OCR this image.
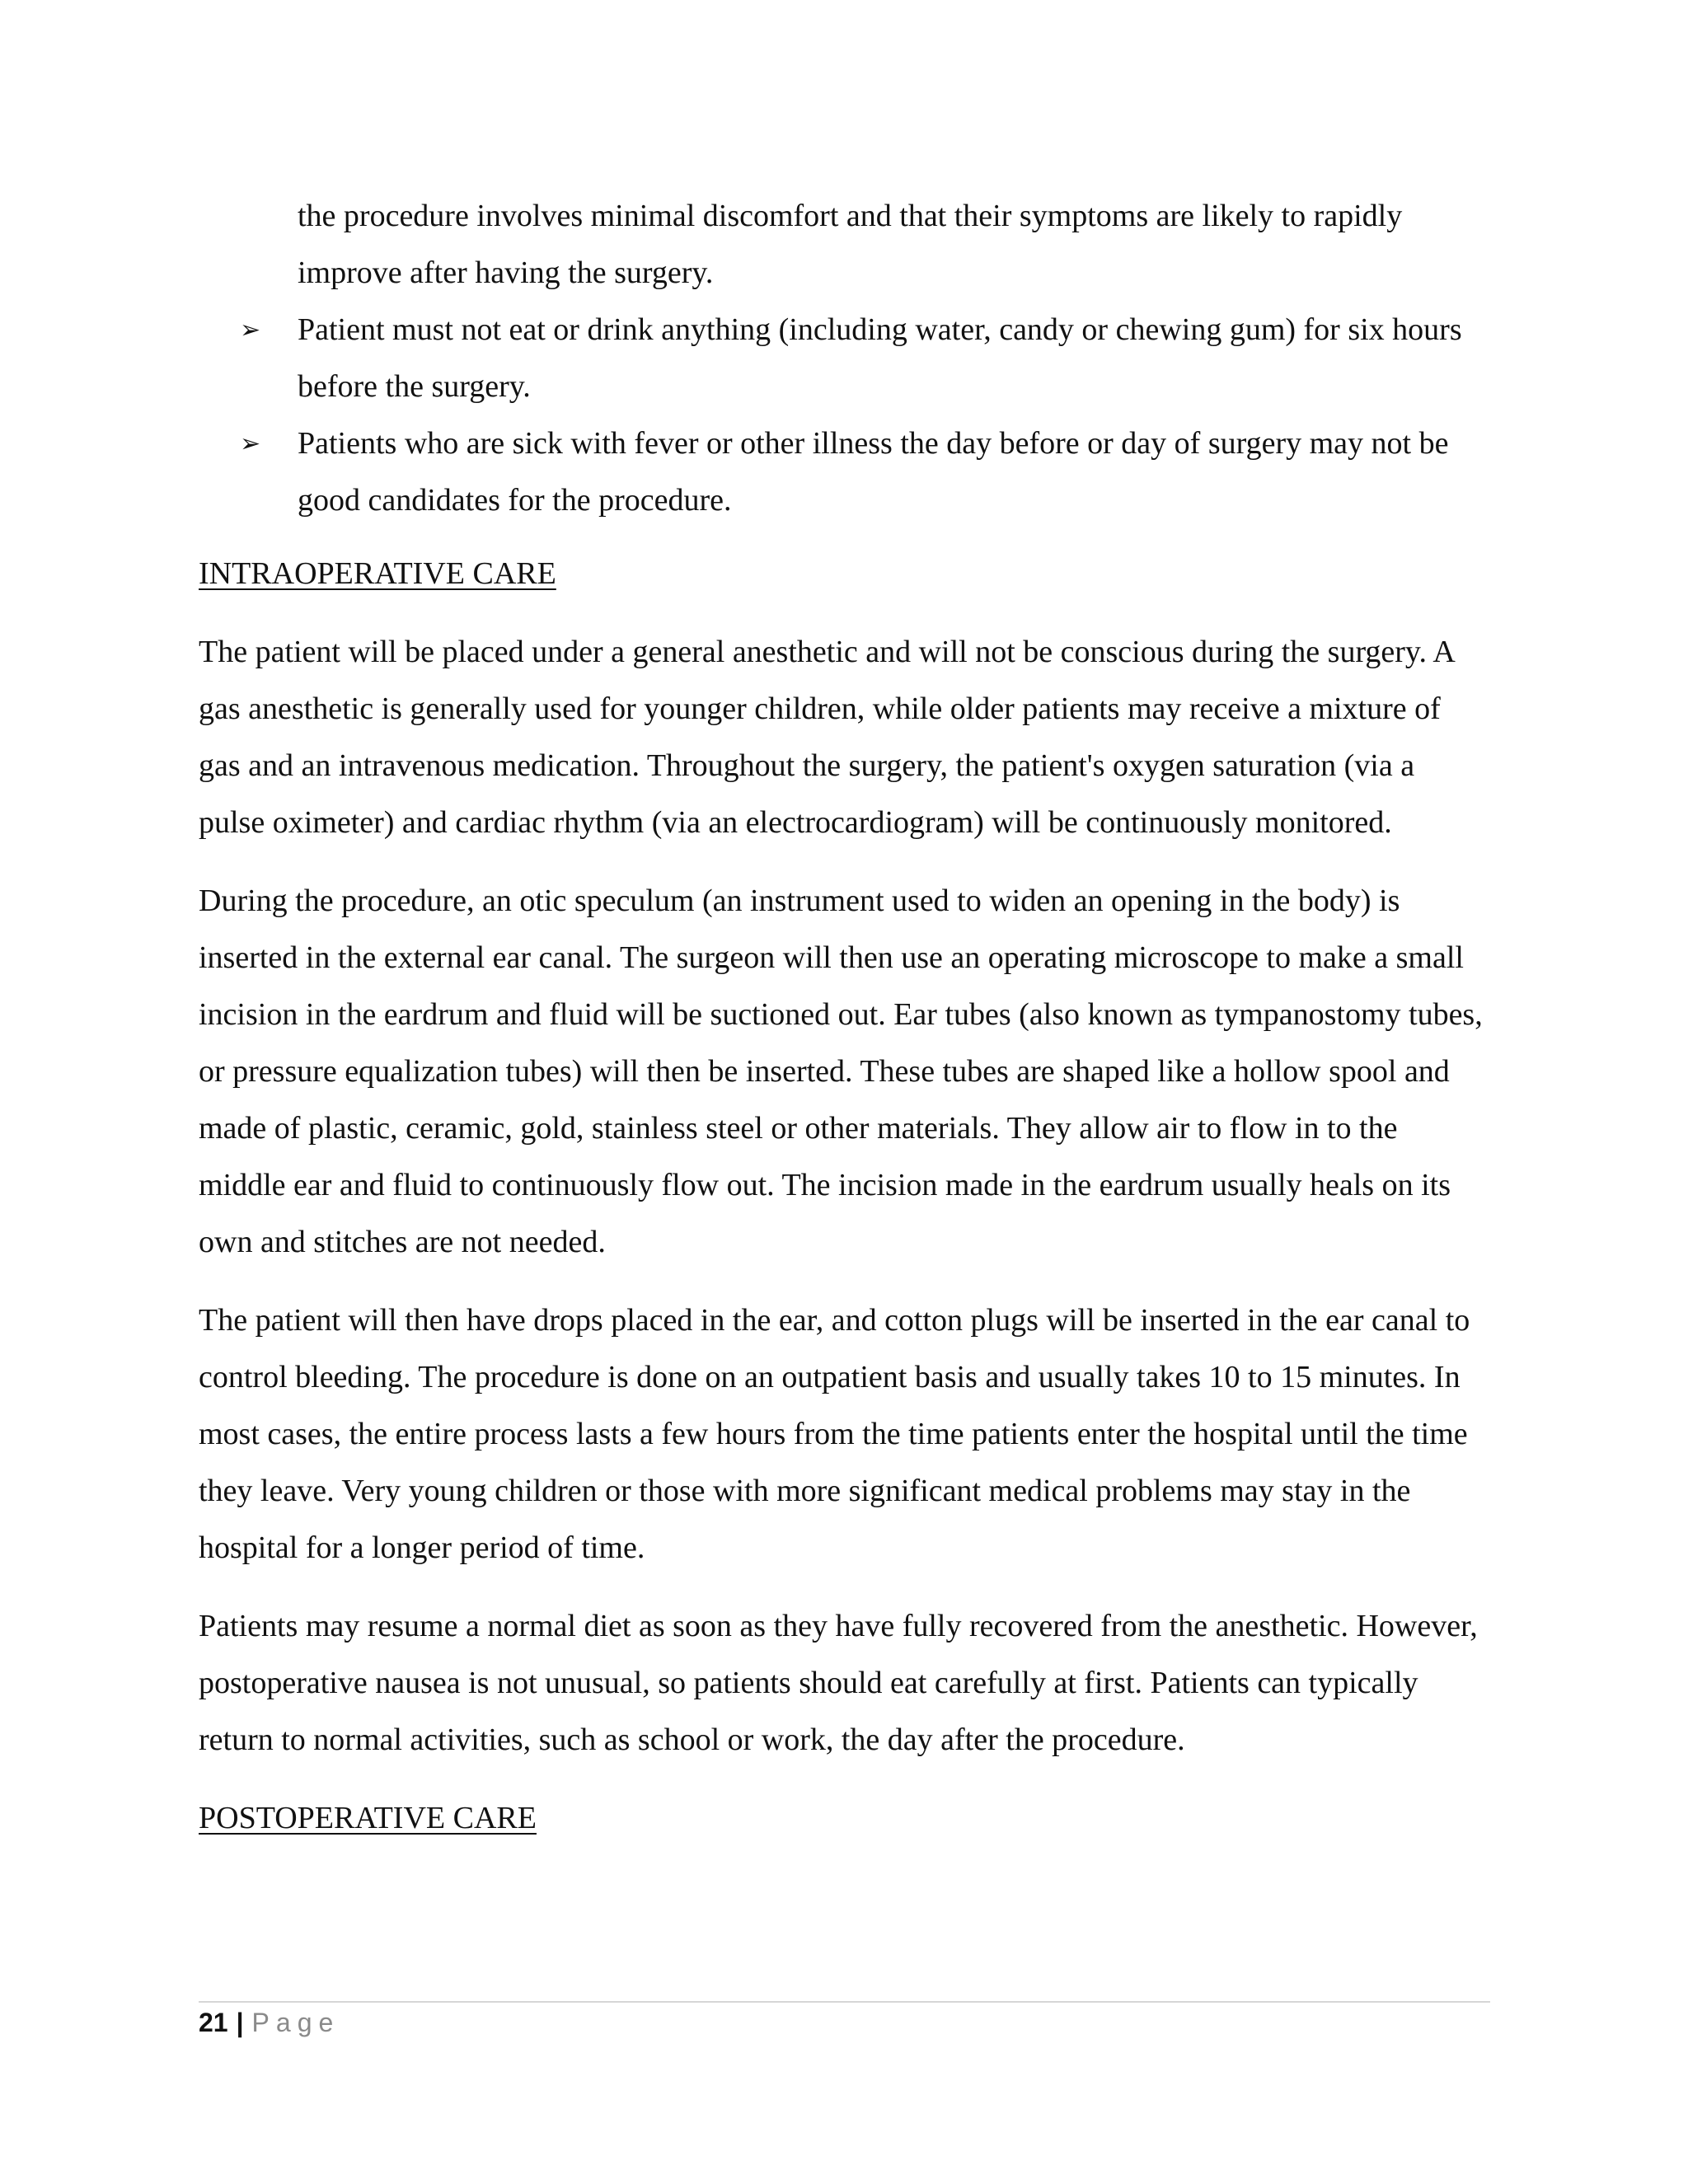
the procedure involves minimal discomfort and that their symptoms are likely to rapidly improve after having the surgery.
➢ Patient must not eat or drink anything (including water, candy or chewing gum) for six hours before the surgery.
➢ Patients who are sick with fever or other illness the day before or day of surgery may not be good candidates for the procedure.
INTRAOPERATIVE CARE

The patient will be placed under a general anesthetic and will not be conscious during the surgery. A gas anesthetic is generally used for younger children, while older patients may receive a mixture of gas and an intravenous medication. Throughout the surgery, the patient's oxygen saturation (via a pulse oximeter) and cardiac rhythm (via an electrocardiogram) will be continuously monitored.

During the procedure, an otic speculum (an instrument used to widen an opening in the body) is inserted in the external ear canal. The surgeon will then use an operating microscope to make a small incision in the eardrum and fluid will be suctioned out. Ear tubes (also known as tympanostomy tubes, or pressure equalization tubes) will then be inserted. These tubes are shaped like a hollow spool and made of plastic, ceramic, gold, stainless steel or other materials. They allow air to flow in to the middle ear and fluid to continuously flow out. The incision made in the eardrum usually heals on its own and stitches are not needed.

The patient will then have drops placed in the ear, and cotton plugs will be inserted in the ear canal to control bleeding. The procedure is done on an outpatient basis and usually takes 10 to 15 minutes. In most cases, the entire process lasts a few hours from the time patients enter the hospital until the time they leave. Very young children or those with more significant medical problems may stay in the hospital for a longer period of time.

Patients may resume a normal diet as soon as they have fully recovered from the anesthetic. However, postoperative nausea is not unusual, so patients should eat carefully at first. Patients can typically return to normal activities, such as school or work, the day after the procedure.

POSTOPERATIVE CARE
21 | Page
